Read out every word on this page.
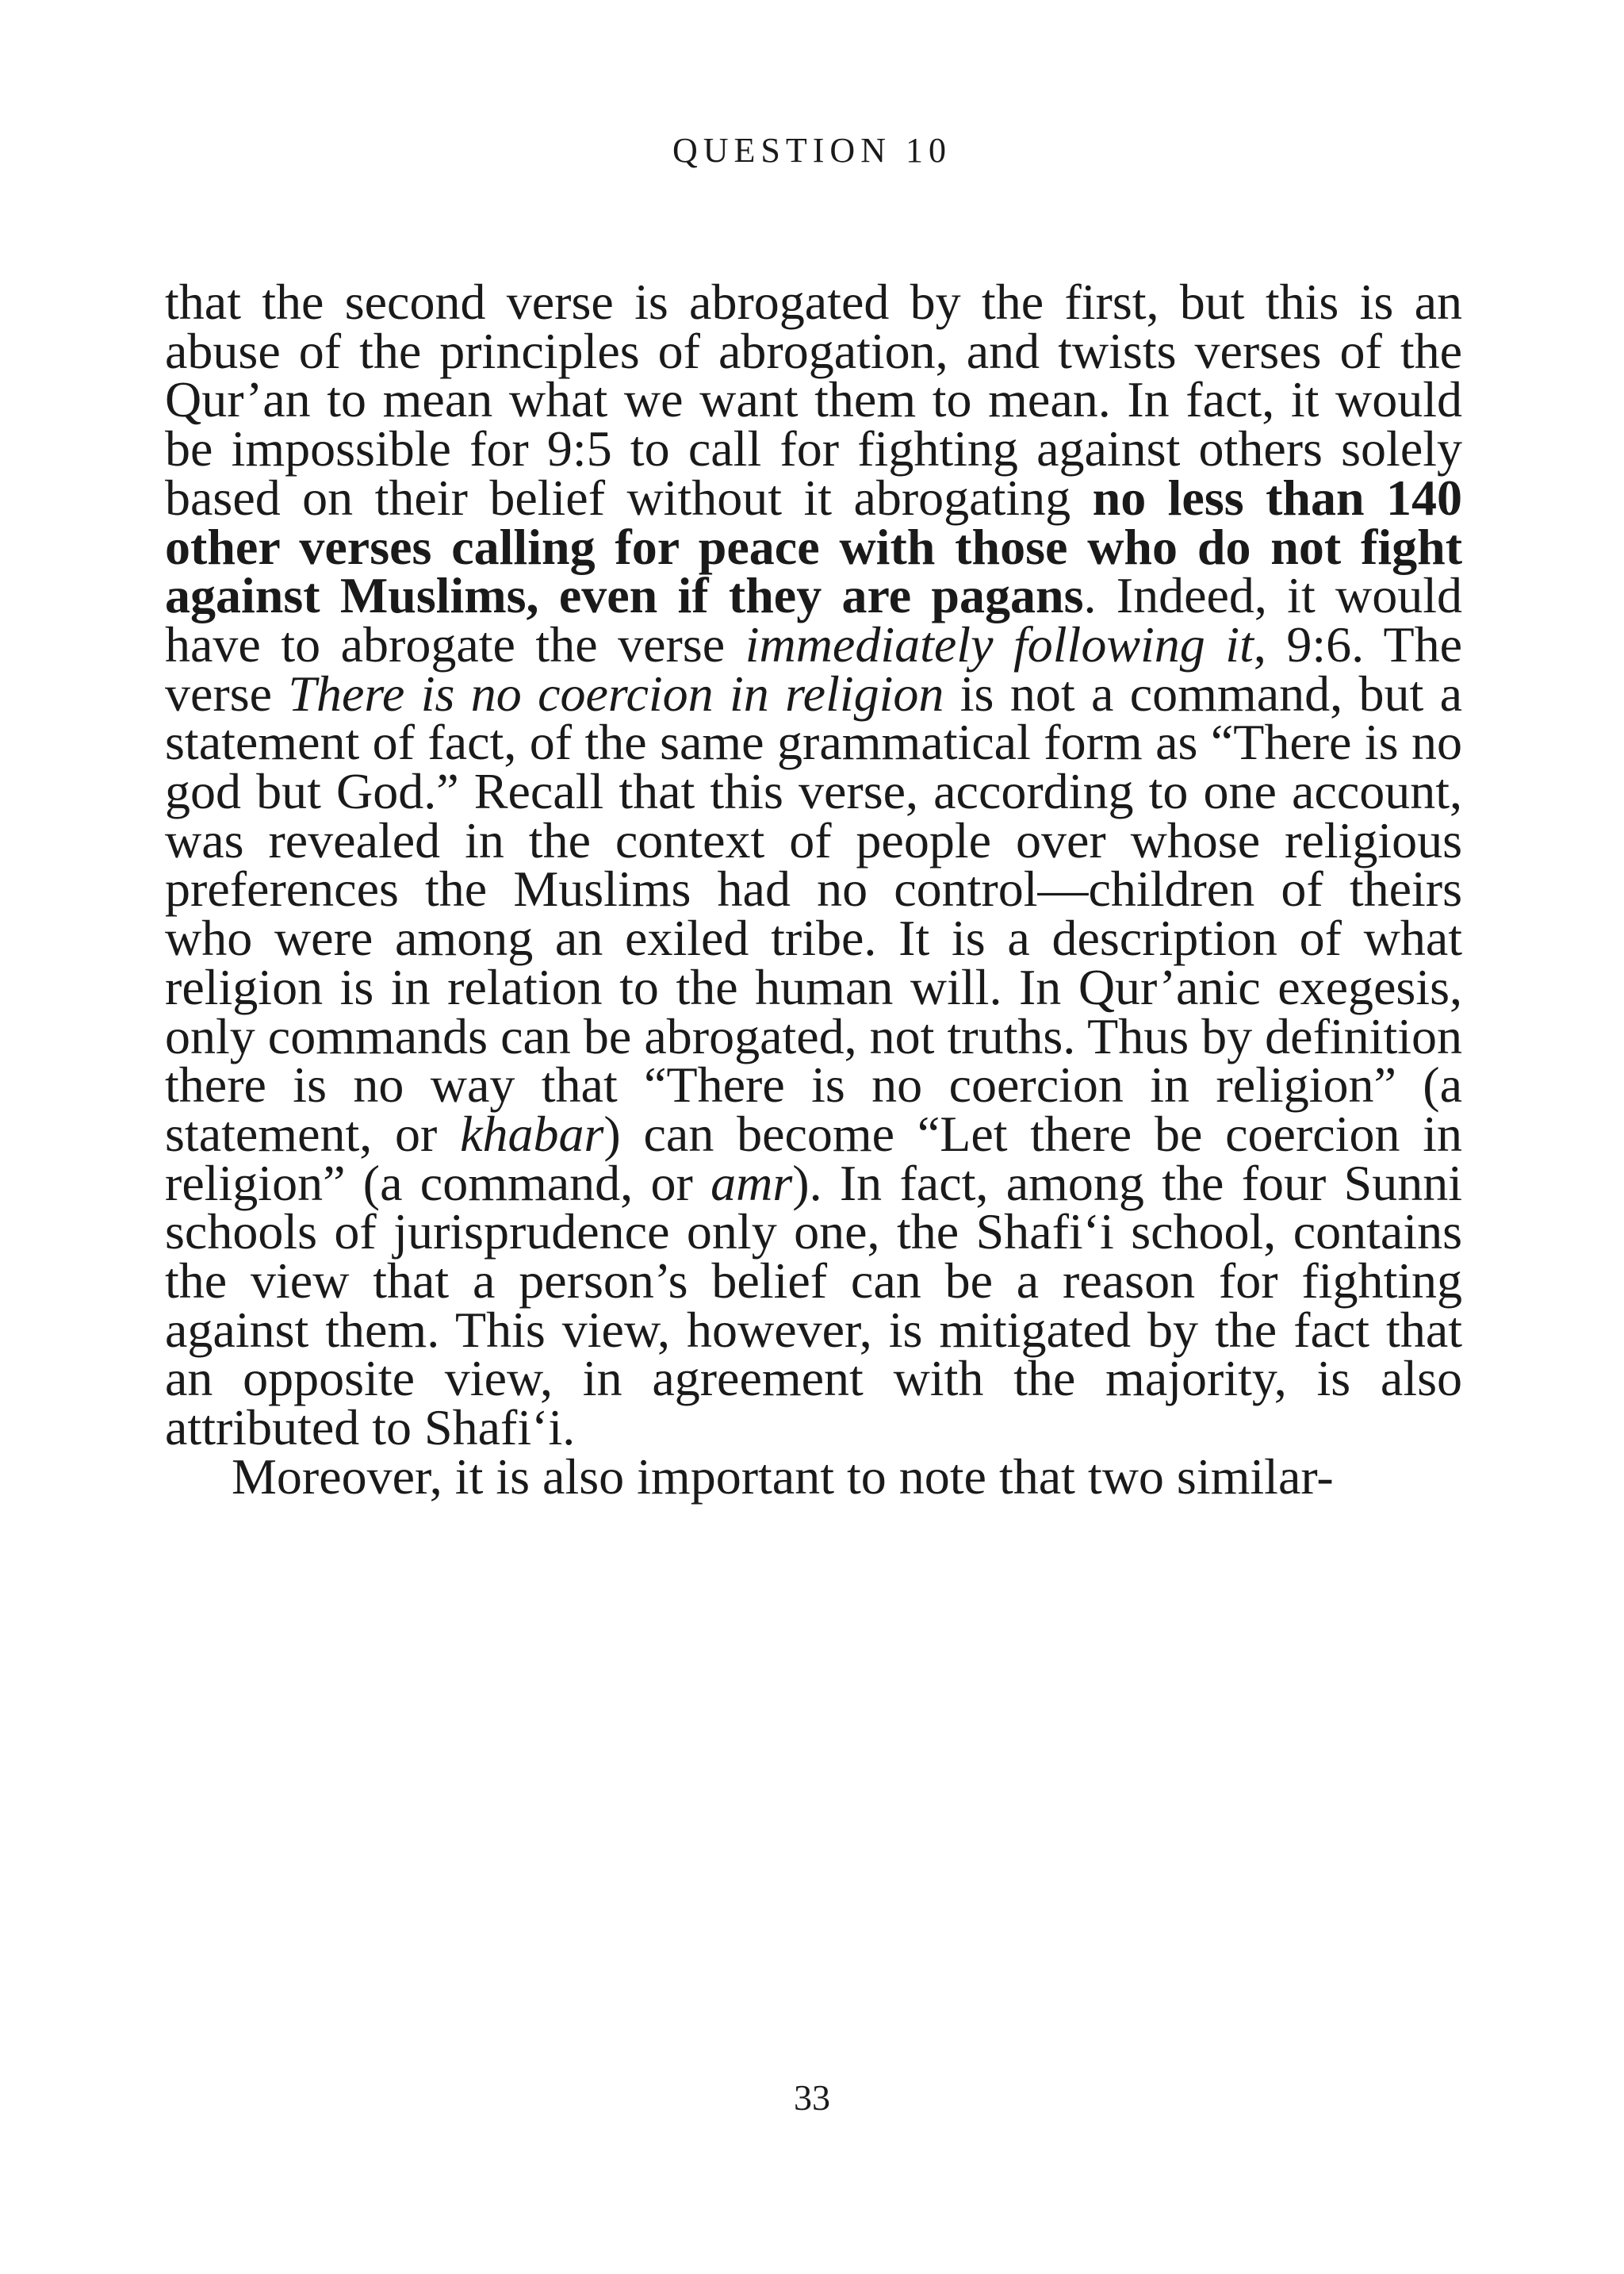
QUESTION 10

that the second verse is abrogated by the first, but this is an abuse of the principles of abrogation, and twists verses of the Qur’an to mean what we want them to mean. In fact, it would be impossible for 9:5 to call for fighting against others solely based on their belief without it abrogating no less than 140 other verses calling for peace with those who do not fight against Muslims, even if they are pagans. Indeed, it would have to abrogate the verse immediately following it, 9:6. The verse There is no coercion in religion is not a command, but a statement of fact, of the same grammatical form as “There is no god but God.” Recall that this verse, according to one account, was revealed in the context of people over whose religious preferences the Muslims had no control—children of theirs who were among an exiled tribe. It is a description of what religion is in relation to the human will. In Qur’anic exegesis, only commands can be abrogated, not truths. Thus by definition there is no way that “There is no coercion in religion” (a statement, or khabar) can become “Let there be coercion in religion” (a command, or amr). In fact, among the four Sunni schools of jurisprudence only one, the Shafi‘i school, contains the view that a person’s belief can be a reason for fighting against them. This view, however, is mitigated by the fact that an opposite view, in agreement with the majority, is also attributed to Shafi‘i.

Moreover, it is also important to note that two similar-

33
